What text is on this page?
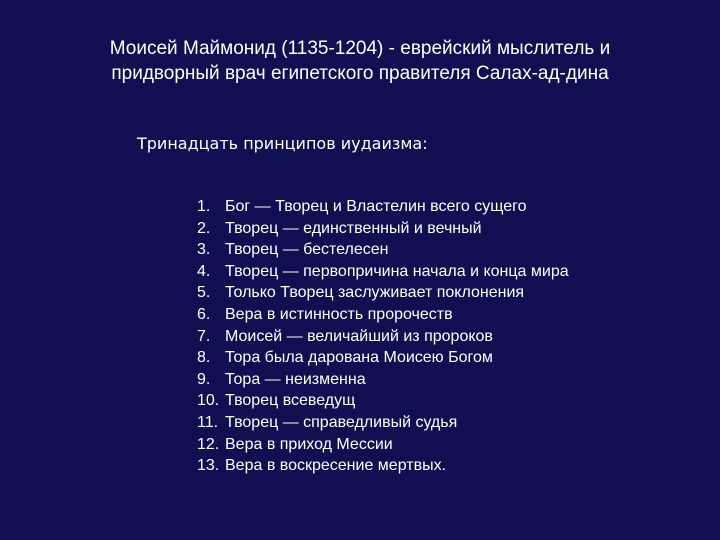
Моисей Маймонид (1135-1204) - еврейский мыслитель и
придворный врач египетского правителя Салах-ад-дина
Тринадцать принципов иудаизма:
1. Бог — Творец и Властелин всего сущего
2. Творец — единственный и вечный
3. Творец — бестелесен
4. Творец — первопричина начала и конца мира
5. Только Творец заслуживает поклонения
6. Вера в истинность пророчеств
7. Моисей — величайший из пророков
8. Тора была дарована Моисею Богом
9. Тора — неизменна
10. Творец всеведущ
11. Творец — справедливый судья
12. Вера в приход Мессии
13. Вера в воскресение мертвых.
